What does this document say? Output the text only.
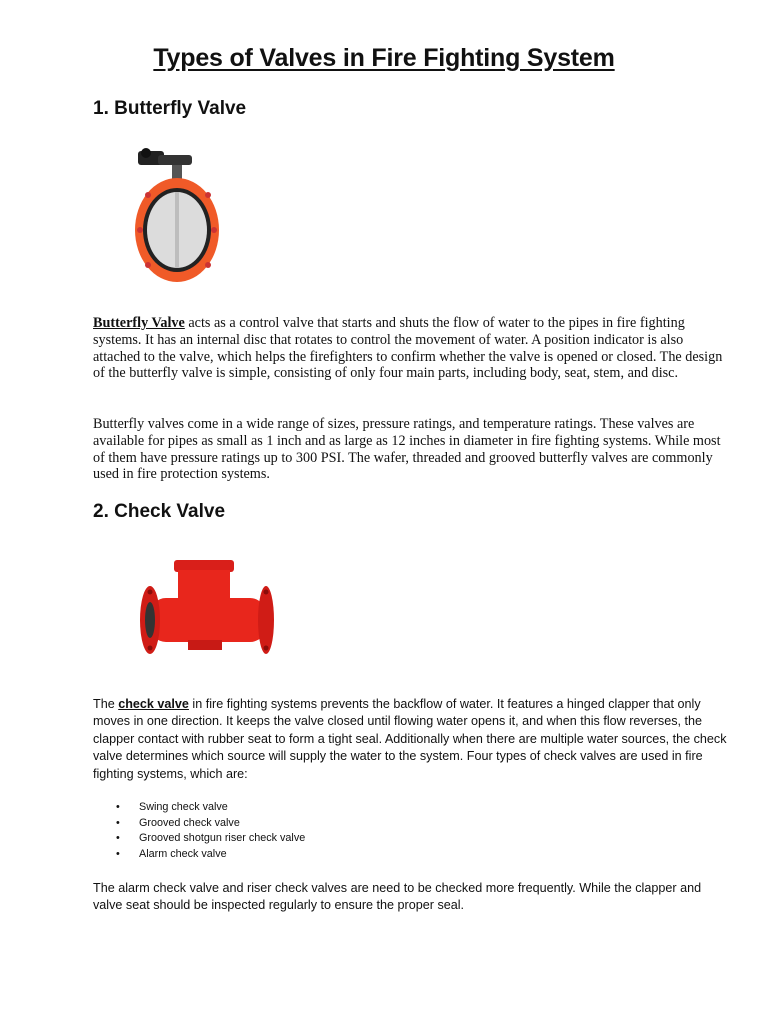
Types of Valves in Fire Fighting System
1. Butterfly Valve

Butterfly Valve acts as a control valve that starts and shuts the flow of water to the pipes in fire fighting systems. It has an internal disc that rotates to control the movement of water. A position indicator is also attached to the valve, which helps the firefighters to confirm whether the valve is opened or closed. The design of the butterfly valve is simple, consisting of only four main parts, including body, seat, stem, and disc.

Butterfly valves come in a wide range of sizes, pressure ratings, and temperature ratings. These valves are available for pipes as small as 1 inch and as large as 12 inches in diameter in fire fighting systems. While most of them have pressure ratings up to 300 PSI. The wafer, threaded and grooved butterfly valves are commonly used in fire protection systems.

2. Check Valve

The check valve in fire fighting systems prevents the backflow of water. It features a hinged clapper that only moves in one direction. It keeps the valve closed until flowing water opens it, and when this flow reverses, the clapper contact with rubber seat to form a tight seal. Additionally when there are multiple water sources, the check valve determines which source will supply the water to the system. Four types of check valves are used in fire fighting systems, which are:

• Swing check valve
• Grooved check valve
• Grooved shotgun riser check valve
• Alarm check valve

The alarm check valve and riser check valves are need to be checked more frequently. While the clapper and valve seat should be inspected regularly to ensure the proper seal.
